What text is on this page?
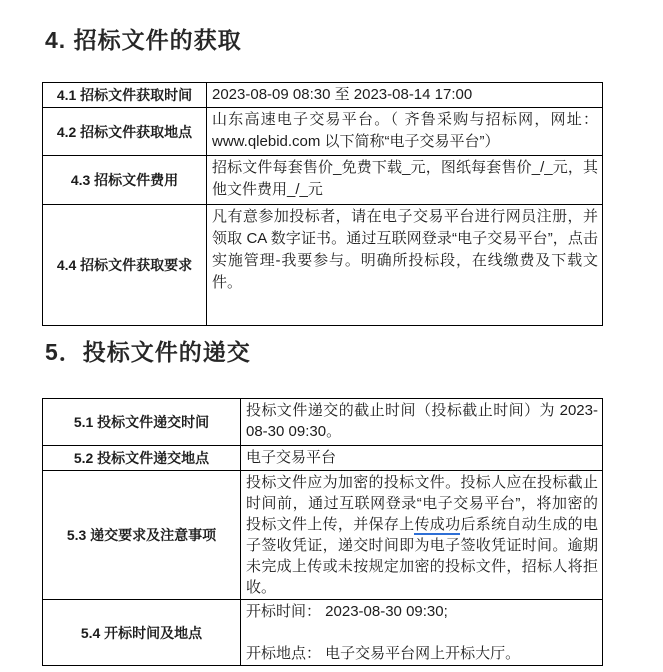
4. 招标文件的获取
4.1 招标文件获取时间	2023-08-09 08:30 至 2023-08-14 17:00
4.2 招标文件获取地点	山东高速电子交易平台。（ 齐鲁采购与招标网，网址：www.qlebid.com 以下简称“电子交易平台”）
4.3 招标文件费用	招标文件每套售价_免费下载_元，图纸每套售价_/_元，其他文件费用_/_元
4.4 招标文件获取要求	凡有意参加投标者，请在电子交易平台进行网员注册，并领取 CA 数字证书。通过互联网登录“电子交易平台”，点击实施管理-我要参与。明确所投标段，在线缴费及下载文件。
5．投标文件的递交
5.1 投标文件递交时间	投标文件递交的截止时间（投标截止时间）为 2023-08-30 09:30。
5.2 投标文件递交地点	电子交易平台
5.3 递交要求及注意事项	投标文件应为加密的投标文件。投标人应在投标截止时间前，通过互联网登录“电子交易平台”，将加密的投标文件上传，并保存上传成功后系统自动生成的电子签收凭证，递交时间即为电子签收凭证时间。逾期未完成上传或未按规定加密的投标文件，招标人将拒收。
5.4 开标时间及地点	开标时间： 2023-08-30 09:30;
开标地点： 电子交易平台网上开标大厅。
